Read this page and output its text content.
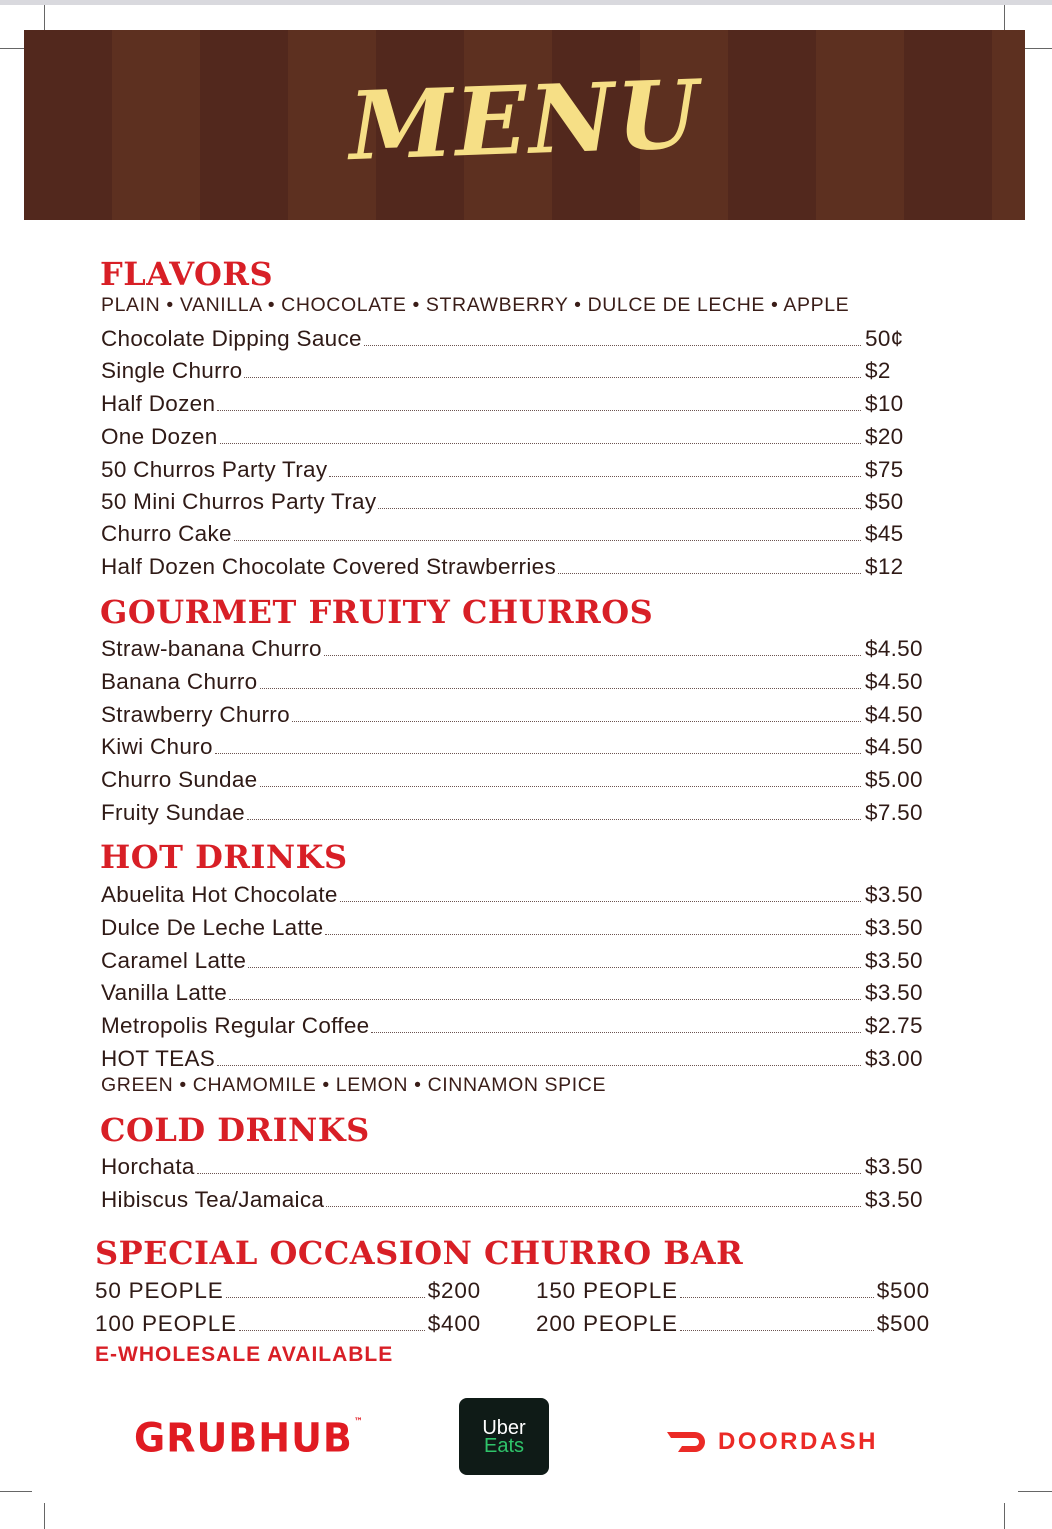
MENU
FLAVORS
PLAIN • VANILLA • CHOCOLATE • STRAWBERRY • DULCE DE LECHE • APPLE
Chocolate Dipping Sauce	50¢
Single Churro	$2
Half Dozen	$10
One Dozen	$20
50 Churros Party Tray	$75
50 Mini Churros Party Tray	$50
Churro Cake	$45
Half Dozen Chocolate Covered Strawberries	$12
GOURMET FRUITY CHURROS
Straw-banana Churro	$4.50
Banana Churro	$4.50
Strawberry Churro	$4.50
Kiwi Churo	$4.50
Churro Sundae	$5.00
Fruity Sundae	$7.50
HOT DRINKS
Abuelita Hot Chocolate	$3.50
Dulce De Leche Latte	$3.50
Caramel Latte	$3.50
Vanilla Latte	$3.50
Metropolis Regular Coffee	$2.75
HOT TEAS	$3.00
GREEN • CHAMOMILE • LEMON • CINNAMON SPICE
COLD DRINKS
Horchata	$3.50
Hibiscus Tea/Jamaica	$3.50
SPECIAL OCCASION CHURRO BAR
50 PEOPLE	$200
100 PEOPLE	$400
150 PEOPLE	$500
200 PEOPLE	$500
E-WHOLESALE AVAILABLE
GRUBHUB™	Uber
Eats	DOORDASH
